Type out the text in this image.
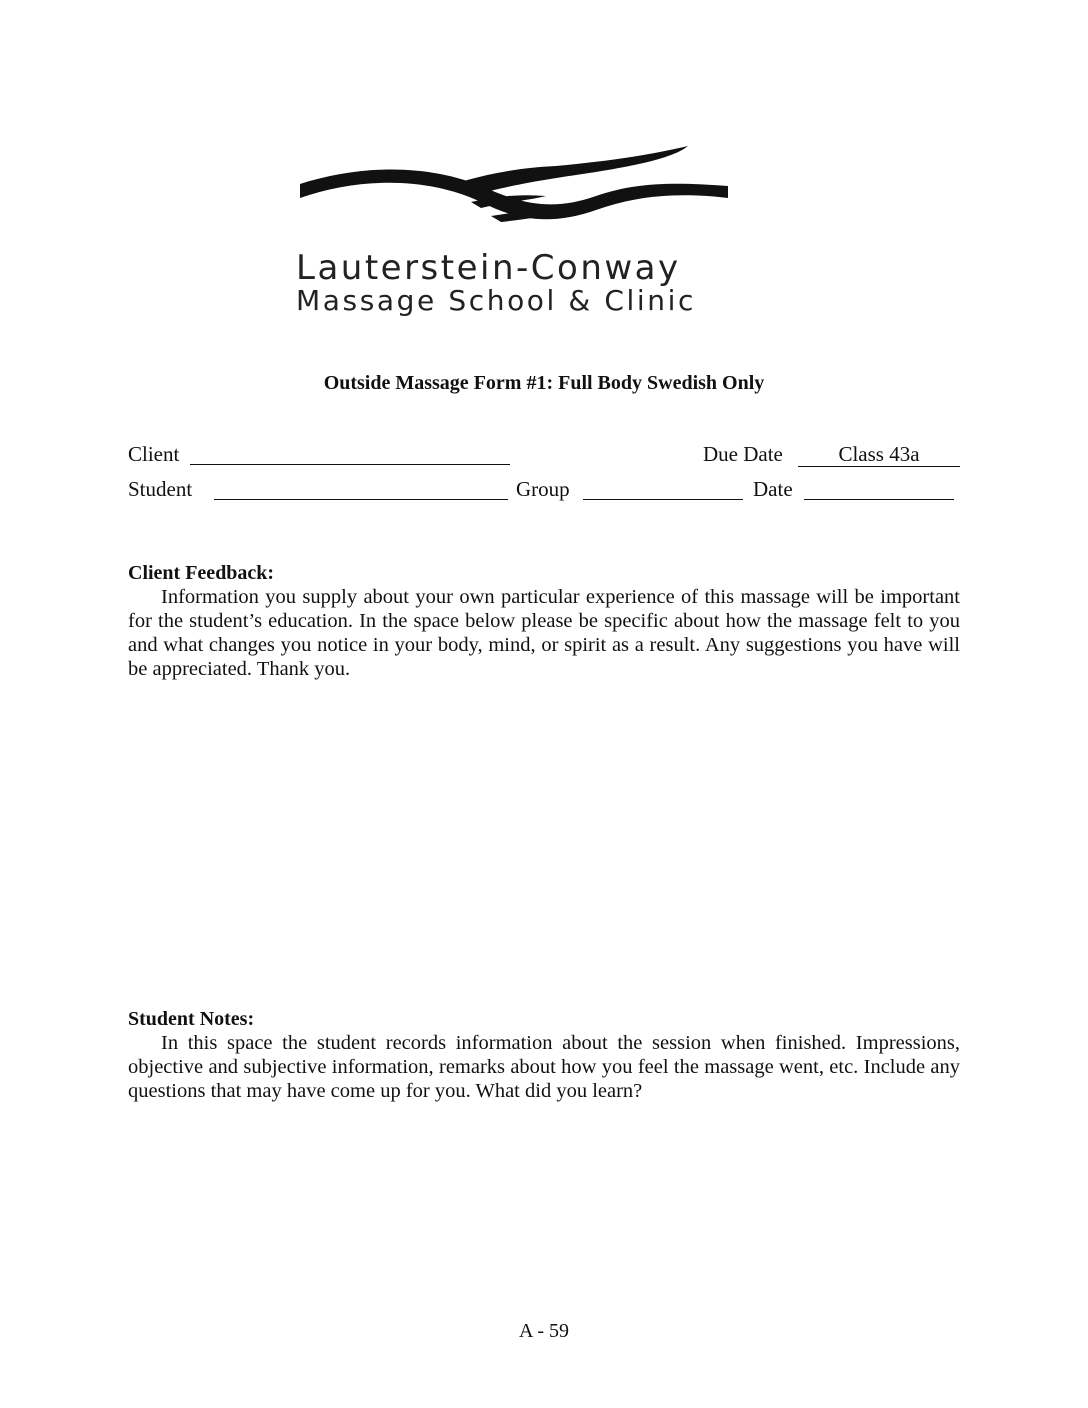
Lauterstein-Conway
Massage School & Clinic
Outside Massage Form #1: Full Body Swedish Only
Client	Due Date	Class 43a
Student	Group	Date
Client Feedback:
Information you supply about your own particular experience of this massage will be important for the student’s education. In the space below please be specific about how the massage felt to you and what changes you notice in your body, mind, or spirit as a result. Any suggestions you have will be appreciated. Thank you.
Student Notes:
In this space the student records information about the session when finished. Impressions, objective and subjective information, remarks about how you feel the massage went, etc. Include any questions that may have come up for you. What did you learn?
A - 59
